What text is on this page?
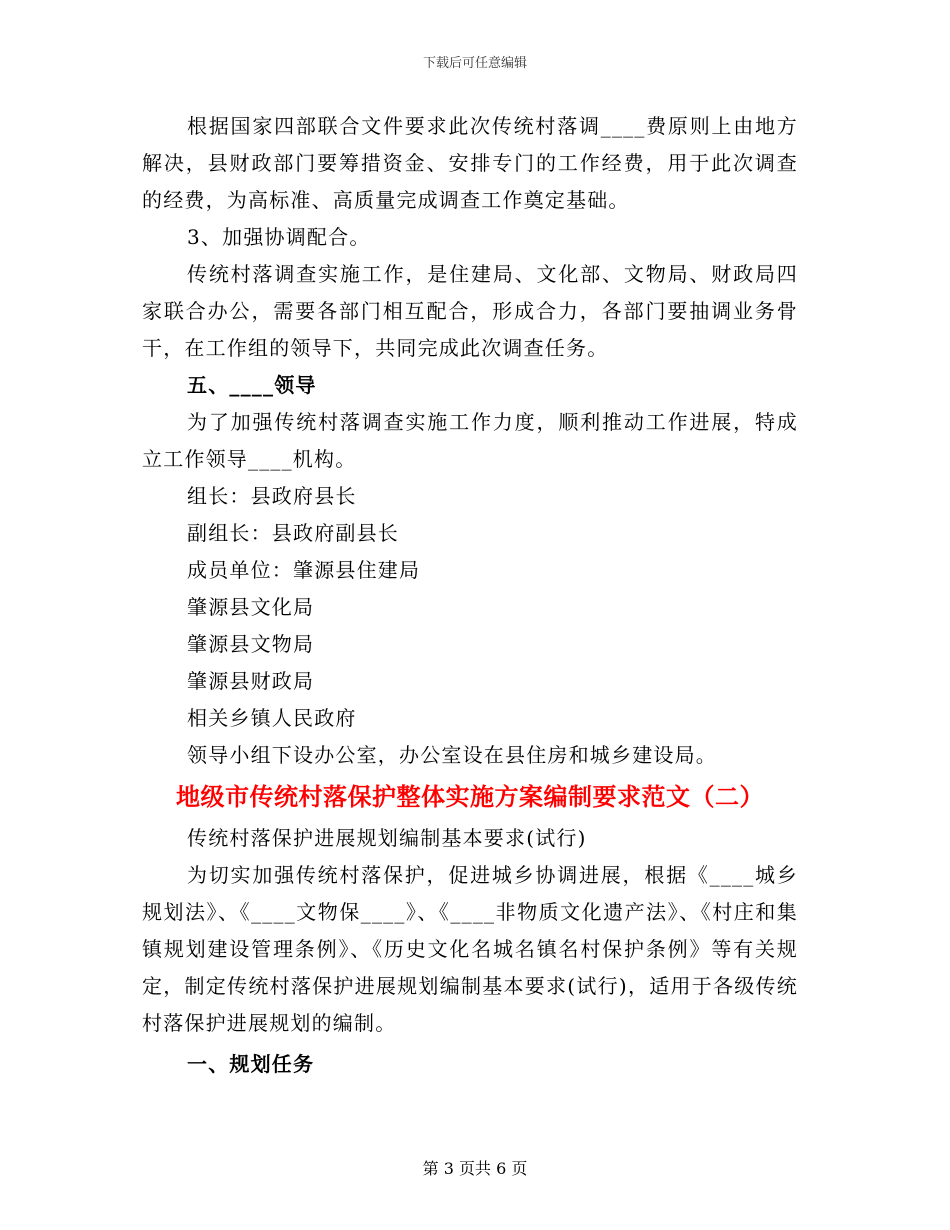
下载后可任意编辑

根据国家四部联合文件要求此次传统村落调____费原则上由地方解决，县财政部门要筹措资金、安排专门的工作经费，用于此次调查的经费，为高标准、高质量完成调查工作奠定基础。

3、加强协调配合。

传统村落调查实施工作，是住建局、文化部、文物局、财政局四家联合办公，需要各部门相互配合，形成合力，各部门要抽调业务骨干，在工作组的领导下，共同完成此次调查任务。

五、____领导

为了加强传统村落调查实施工作力度，顺利推动工作进展，特成立工作领导____机构。

组长：县政府县长

副组长：县政府副县长

成员单位：肇源县住建局

肇源县文化局

肇源县文物局

肇源县财政局

相关乡镇人民政府

领导小组下设办公室，办公室设在县住房和城乡建设局。

地级市传统村落保护整体实施方案编制要求范文（二）

传统村落保护进展规划编制基本要求(试行)

为切实加强传统村落保护，促进城乡协调进展，根据《____城乡规划法》、《____文物保____》、《____非物质文化遗产法》、《村庄和集镇规划建设管理条例》、《历史文化名城名镇名村保护条例》等有关规定，制定传统村落保护进展规划编制基本要求(试行)，适用于各级传统村落保护进展规划的编制。

一、规划任务

第 3 页共 6 页
